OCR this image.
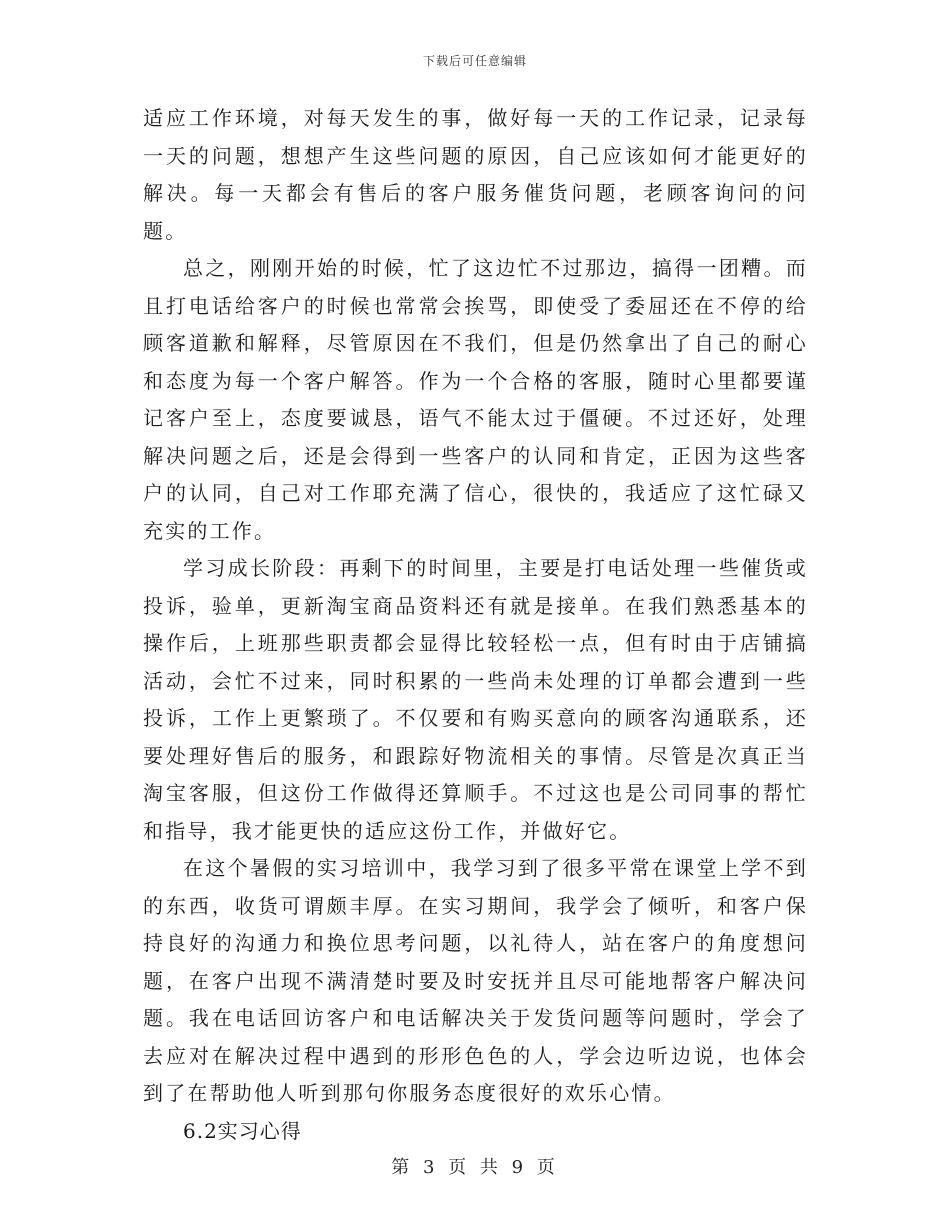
下载后可任意编辑

适应工作环境，对每天发生的事，做好每一天的工作记录，记录每一天的问题，想想产生这些问题的原因，自己应该如何才能更好的解决。每一天都会有售后的客户服务催货问题，老顾客询问的问题。

总之，刚刚开始的时候，忙了这边忙不过那边，搞得一团糟。而且打电话给客户的时候也常常会挨骂，即使受了委屈还在不停的给顾客道歉和解释，尽管原因在不我们，但是仍然拿出了自己的耐心和态度为每一个客户解答。作为一个合格的客服，随时心里都要谨记客户至上，态度要诚恳，语气不能太过于僵硬。不过还好，处理解决问题之后，还是会得到一些客户的认同和肯定，正因为这些客户的认同，自己对工作耶充满了信心，很快的，我适应了这忙碌又充实的工作。

学习成长阶段：再剩下的时间里，主要是打电话处理一些催货或投诉，验单，更新淘宝商品资料还有就是接单。在我们熟悉基本的操作后，上班那些职责都会显得比较轻松一点，但有时由于店铺搞活动，会忙不过来，同时积累的一些尚未处理的订单都会遭到一些投诉，工作上更繁琐了。不仅要和有购买意向的顾客沟通联系，还要处理好售后的服务，和跟踪好物流相关的事情。尽管是次真正当淘宝客服，但这份工作做得还算顺手。不过这也是公司同事的帮忙和指导，我才能更快的适应这份工作，并做好它。

在这个暑假的实习培训中，我学习到了很多平常在课堂上学不到的东西，收货可谓颇丰厚。在实习期间，我学会了倾听，和客户保持良好的沟通力和换位思考问题，以礼待人，站在客户的角度想问题，在客户出现不满清楚时要及时安抚并且尽可能地帮客户解决问题。我在电话回访客户和电话解决关于发货问题等问题时，学会了去应对在解决过程中遇到的形形色色的人，学会边听边说，也体会到了在帮助他人听到那句你服务态度很好的欢乐心情。

6.2实习心得

第 3 页 共 9 页
